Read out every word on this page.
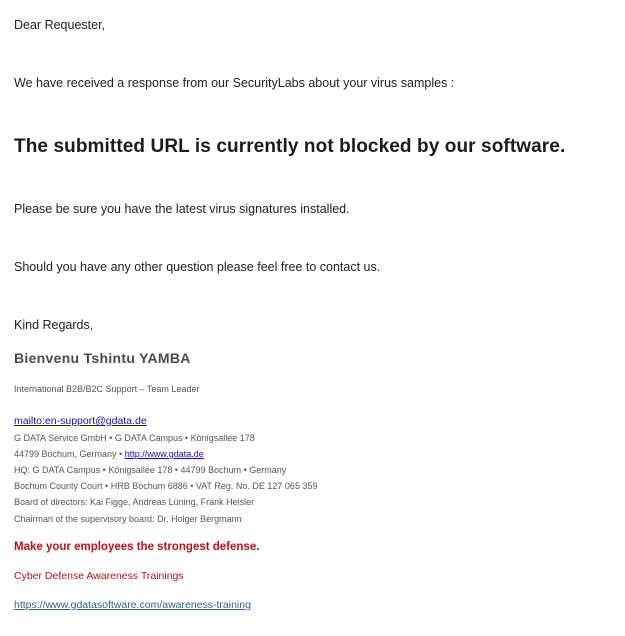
Dear Requester,
We have received a response from our SecurityLabs about your virus samples :
The submitted URL is currently not blocked by our software.
Please be sure you have the latest virus signatures installed.
Should you have any other question please feel free to contact us.
Kind Regards,
Bienvenu Tshintu YAMBA
International B2B/B2C Support – Team Leader
mailto:en-support@gdata.de
G DATA Service GmbH • G DATA Campus • Königsallee 178
44799 Bochum, Germany • http://www.gdata.de
HQ: G DATA Campus • Königsallee 178 • 44799 Bochum • Germany
Bochum County Court • HRB Bochum 6886 • VAT Reg. No. DE 127 065 359
Board of directors: Kai Figge, Andreas Lüning, Frank Heisler
Chairman of the supervisory board: Dr. Holger Bergmann
Make your employees the strongest defense.
Cyber Defense Awareness Trainings
https://www.gdatasoftware.com/awareness-training
